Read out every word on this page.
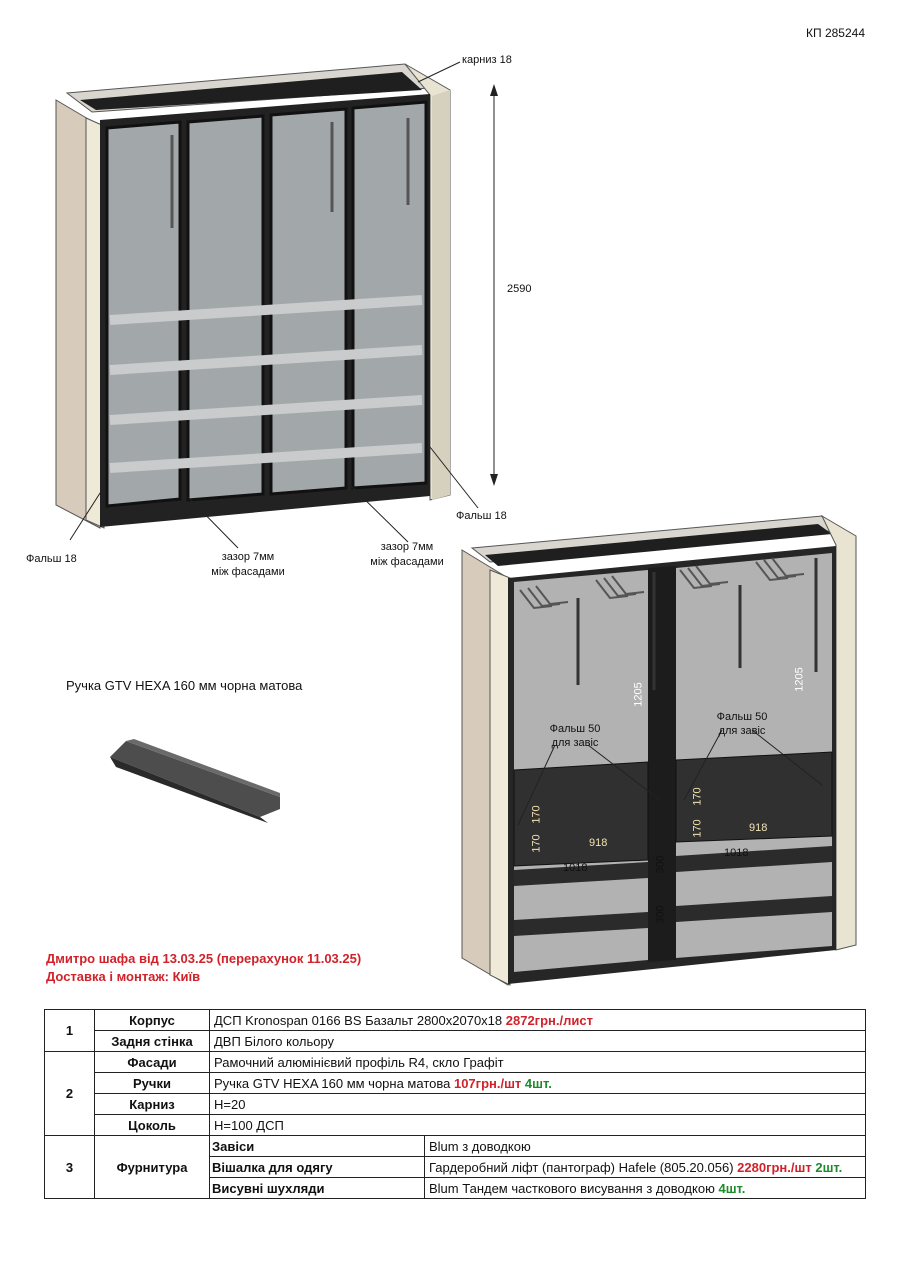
КП 285244
карниз 18
2590
цоколь 100
Фальш 18
Фальш 18
зазор 7мм
між фасадами
зазор 7мм
між фасадами
1205
1205
Фальш 50
для завіс
Фальш 50
для завіс
170
170
170
170
918
918
1018
1018
300
300
Ручка GTV HEXA 160 мм чорна матова
Дмитро шафа від 13.03.25 (перерахунок 11.03.25)
Доставка і монтаж: Київ
1	Корпус	ДСП Kronospan 0166 BS Базальт 2800х2070х18 2872грн./лист	
	Задня стінка	ДВП Білого кольору	
2	Фасади	Рамочний алюмінієвий профіль R4, скло Графіт	
	Ручки	Ручка GTV HEXA 160 мм чорна матова 107грн./шт 4шт.	
	Карниз	H=20	
	Цоколь	H=100 ДСП	
3	Фурнитура	Завіси	Blum з доводкою
		Вішалка для одягу	Гардеробний ліфт (пантограф) Hafele (805.20.056) 2280грн./шт 2шт.
		Висувні шухляди	Blum Тандем часткового висування з доводкою 4шт.
